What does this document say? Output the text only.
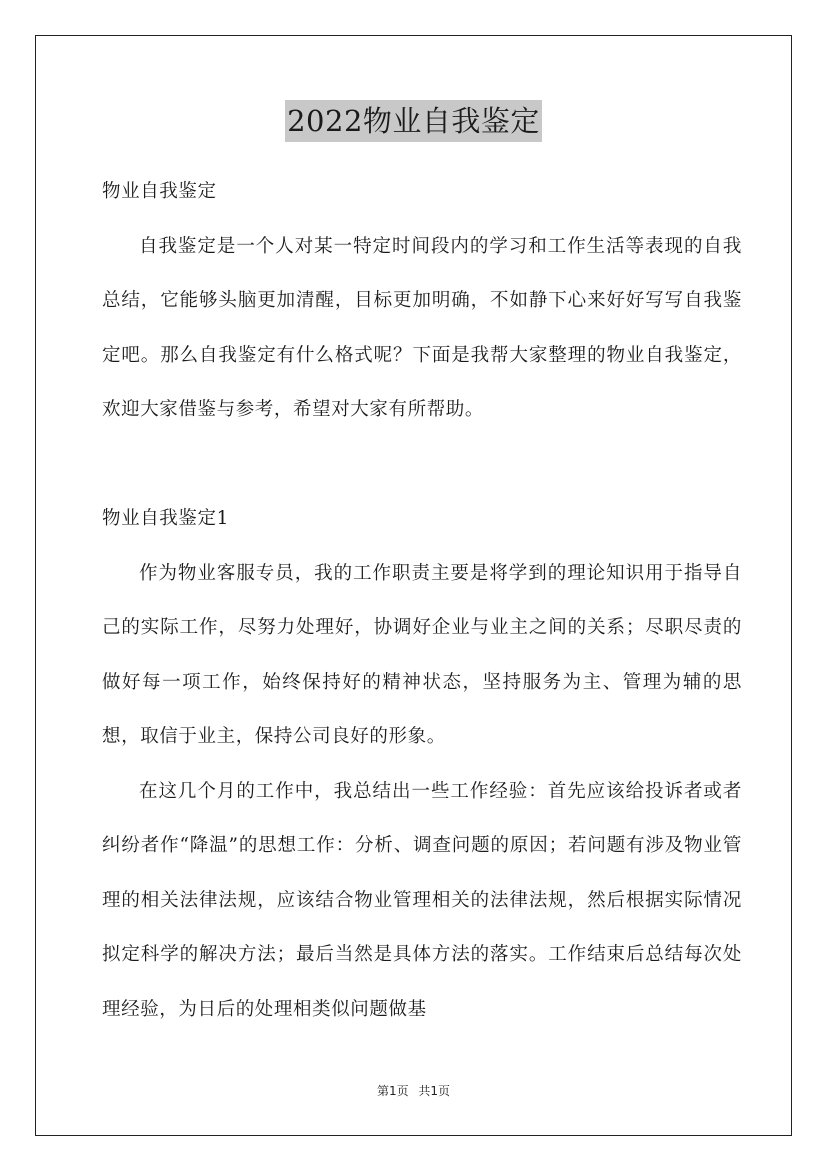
2022物业自我鉴定
物业自我鉴定

自我鉴定是一个人对某一特定时间段内的学习和工作生活等表现的自我总结，它能够头脑更加清醒，目标更加明确，不如静下心来好好写写自我鉴定吧。那么自我鉴定有什么格式呢？下面是我帮大家整理的物业自我鉴定，欢迎大家借鉴与参考，希望对大家有所帮助。

物业自我鉴定1

作为物业客服专员，我的工作职责主要是将学到的理论知识用于指导自己的实际工作，尽努力处理好，协调好企业与业主之间的关系；尽职尽责的做好每一项工作，始终保持好的精神状态，坚持服务为主、管理为辅的思想，取信于业主，保持公司良好的形象。

在这几个月的工作中，我总结出一些工作经验：首先应该给投诉者或者纠纷者作“降温”的思想工作：分析、调查问题的原因；若问题有涉及物业管理的相关法律法规，应该结合物业管理相关的法律法规，然后根据实际情况拟定科学的解决方法；最后当然是具体方法的落实。工作结束后总结每次处理经验，为日后的处理相类似问题做基

第1页 共1页
